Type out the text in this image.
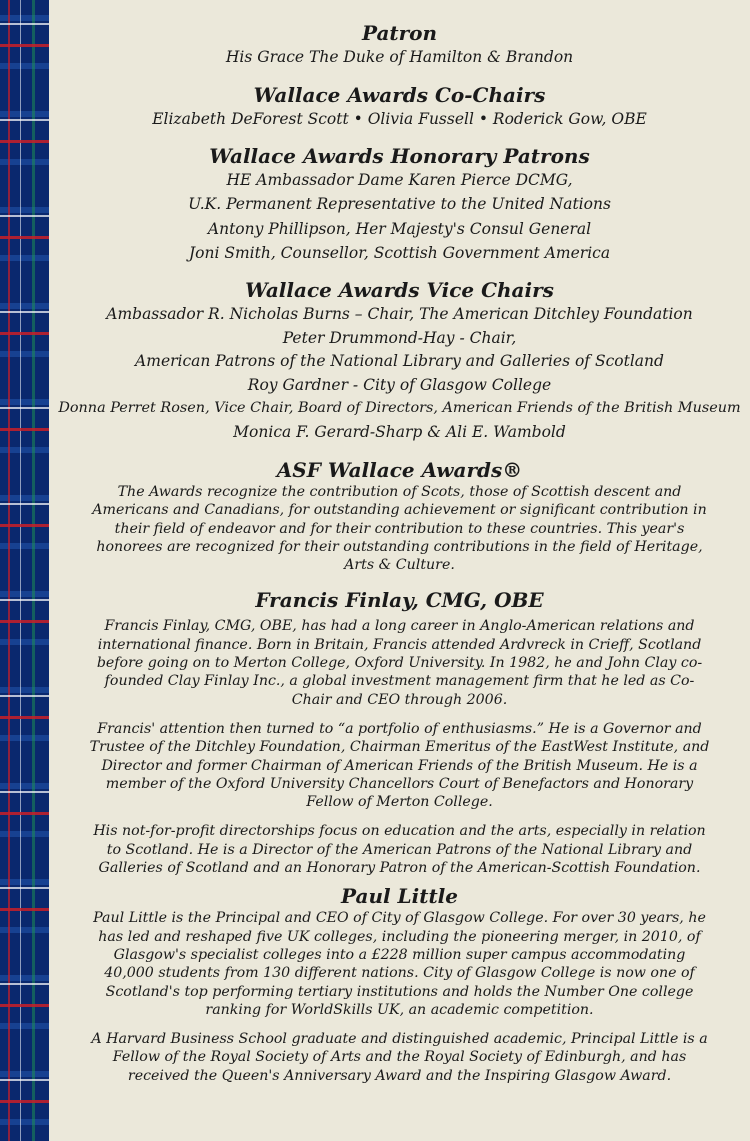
Patron
His Grace The Duke of Hamilton & Brandon
Wallace Awards Co-Chairs
Elizabeth DeForest Scott • Olivia Fussell • Roderick Gow, OBE
Wallace Awards Honorary Patrons
HE Ambassador Dame Karen Pierce DCMG,
U.K. Permanent Representative to the United Nations
Antony Phillipson, Her Majesty's Consul General
Joni Smith, Counsellor, Scottish Government America
Wallace Awards Vice Chairs
Ambassador R. Nicholas Burns – Chair, The American Ditchley Foundation
Peter Drummond-Hay - Chair,
American Patrons of the National Library and Galleries of Scotland
Roy Gardner - City of Glasgow College
Donna Perret Rosen, Vice Chair, Board of Directors, American Friends of the British Museum
Monica F. Gerard-Sharp & Ali E. Wambold
ASF Wallace Awards®
The Awards recognize the contribution of Scots, those of Scottish descent and Americans and Canadians, for outstanding achievement or significant contribution in their field of endeavor and for their contribution to these countries. This year's honorees are recognized for their outstanding contributions in the field of Heritage, Arts & Culture.
Francis Finlay, CMG, OBE
Francis Finlay, CMG, OBE, has had a long career in Anglo-American relations and international finance. Born in Britain, Francis attended Ardvreck in Crieff, Scotland before going on to Merton College, Oxford University. In 1982, he and John Clay co-founded Clay Finlay Inc., a global investment management firm that he led as Co-Chair and CEO through 2006.
Francis' attention then turned to “a portfolio of enthusiasms.” He is a Governor and Trustee of the Ditchley Foundation, Chairman Emeritus of the EastWest Institute, and Director and former Chairman of American Friends of the British Museum. He is a member of the Oxford University Chancellors Court of Benefactors and Honorary Fellow of Merton College.
His not-for-profit directorships focus on education and the arts, especially in relation to Scotland. He is a Director of the American Patrons of the National Library and Galleries of Scotland and an Honorary Patron of the American-Scottish Foundation.
Paul Little
Paul Little is the Principal and CEO of City of Glasgow College. For over 30 years, he has led and reshaped five UK colleges, including the pioneering merger, in 2010, of Glasgow's specialist colleges into a £228 million super campus accommodating 40,000 students from 130 different nations. City of Glasgow College is now one of Scotland's top performing tertiary institutions and holds the Number One college ranking for WorldSkills UK, an academic competition.
A Harvard Business School graduate and distinguished academic, Principal Little is a Fellow of the Royal Society of Arts and the Royal Society of Edinburgh, and has received the Queen's Anniversary Award and the Inspiring Glasgow Award.
